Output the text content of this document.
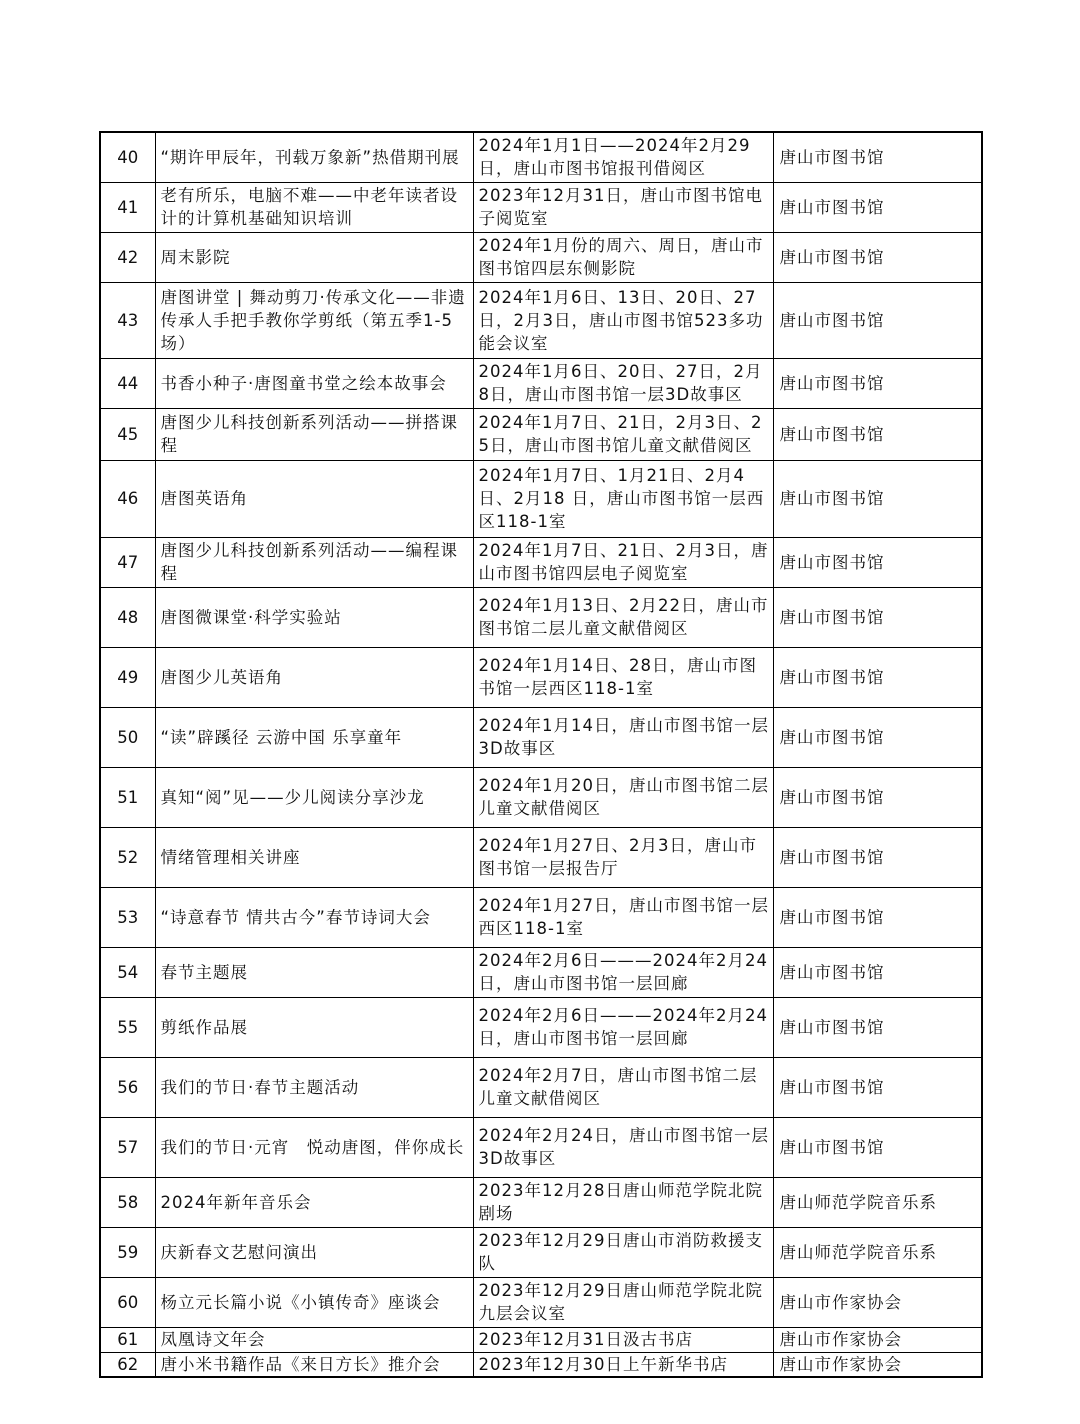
40	“期许甲辰年，刊载万象新”热借期刊展	2024年1月1日——2024年2月29日，唐山市图书馆报刊借阅区	唐山市图书馆
41	老有所乐，电脑不难——中老年读者设计的计算机基础知识培训	2023年12月31日，唐山市图书馆电子阅览室	唐山市图书馆
42	周末影院	2024年1月份的周六、周日，唐山市图书馆四层东侧影院	唐山市图书馆
43	唐图讲堂 | 舞动剪刀·传承文化——非遗传承人手把手教你学剪纸（第五季1-5场）	2024年1月6日、13日、20日、27日，2月3日，唐山市图书馆523多功能会议室	唐山市图书馆
44	书香小种子·唐图童书堂之绘本故事会	2024年1月6日、20日、27日，2月8日，唐山市图书馆一层3D故事区	唐山市图书馆
45	唐图少儿科技创新系列活动——拼搭课程	2024年1月7日、21日，2月3日、25日，唐山市图书馆儿童文献借阅区	唐山市图书馆
46	唐图英语角	2024年1月7日、1月21日、2月4日、2月18 日，唐山市图书馆一层西区118-1室	唐山市图书馆
47	唐图少儿科技创新系列活动——编程课程	2024年1月7日、21日、2月3日，唐山市图书馆四层电子阅览室	唐山市图书馆
48	唐图微课堂·科学实验站	2024年1月13日、2月22日，唐山市图书馆二层儿童文献借阅区	唐山市图书馆
49	唐图少儿英语角	2024年1月14日、28日，唐山市图书馆一层西区118-1室	唐山市图书馆
50	“读”辟蹊径 云游中国 乐享童年	2024年1月14日，唐山市图书馆一层3D故事区	唐山市图书馆
51	真知“阅”见——少儿阅读分享沙龙	2024年1月20日，唐山市图书馆二层儿童文献借阅区	唐山市图书馆
52	情绪管理相关讲座	2024年1月27日、2月3日，唐山市图书馆一层报告厅	唐山市图书馆
53	“诗意春节 情共古今”春节诗词大会	2024年1月27日，唐山市图书馆一层西区118-1室	唐山市图书馆
54	春节主题展	2024年2月6日———2024年2月24日，唐山市图书馆一层回廊	唐山市图书馆
55	剪纸作品展	2024年2月6日———2024年2月24日，唐山市图书馆一层回廊	唐山市图书馆
56	我们的节日·春节主题活动	2024年2月7日，唐山市图书馆二层儿童文献借阅区	唐山市图书馆
57	我们的节日·元宵　悦动唐图，伴你成长	2024年2月24日，唐山市图书馆一层3D故事区	唐山市图书馆
58	2024年新年音乐会	2023年12月28日唐山师范学院北院剧场	唐山师范学院音乐系
59	庆新春文艺慰问演出	2023年12月29日唐山市消防救援支队	唐山师范学院音乐系
60	杨立元长篇小说《小镇传奇》座谈会	2023年12月29日唐山师范学院北院九层会议室	唐山市作家协会
61	凤凰诗文年会	2023年12月31日汲古书店	唐山市作家协会
62	唐小米书籍作品《来日方长》推介会	2023年12月30日上午新华书店	唐山市作家协会
